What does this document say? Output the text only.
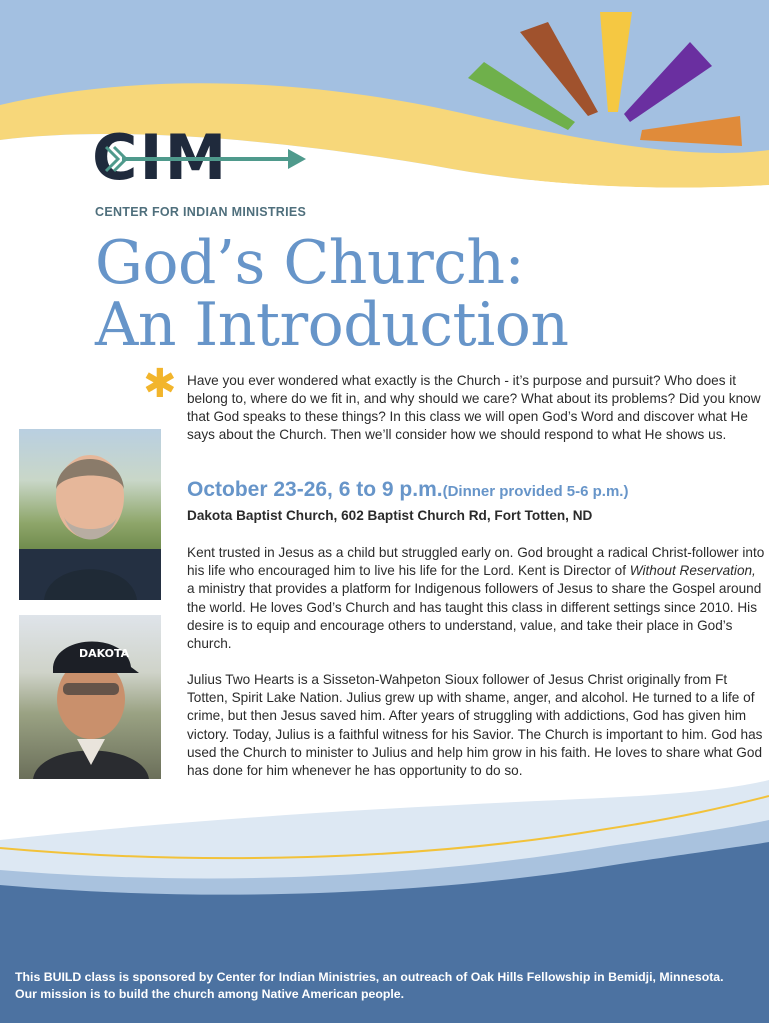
CIM
CENTER FOR INDIAN MINISTRIES
God’s Church:
An Introduction
✱ Have you ever wondered what exactly is the Church - it’s purpose and pursuit? Who does it belong to, where do we fit in, and why should we care? What about its problems? Did you know that God speaks to these things? In this class we will open God’s Word and discover what He says about the Church. Then we’ll consider how we should respond to what He shows us.
October 23-26, 6 to 9 p.m.(Dinner provided 5-6 p.m.)
Dakota Baptist Church, 602 Baptist Church Rd, Fort Totten, ND
Kent trusted in Jesus as a child but struggled early on. God brought a radical Christ-follower into his life who encouraged him to live his life for the Lord. Kent is Director of Without Reservation, a ministry that provides a platform for Indigenous followers of Jesus to share the Gospel around the world. He loves God’s Church and has taught this class in different settings since 2010. His desire is to equip and encourage others to understand, value, and take their place in God’s church.
DAKOTA
Julius Two Hearts is a Sisseton-Wahpeton Sioux follower of Jesus Christ originally from Ft Totten, Spirit Lake Nation. Julius grew up with shame, anger, and alcohol. He turned to a life of crime, but then Jesus saved him. After years of struggling with addictions, God has given him victory. Today, Julius is a faithful witness for his Savior. The Church is important to him. God has used the Church to minister to Julius and help him grow in his faith. He loves to share what God has done for him whenever he has opportunity to do so.
This BUILD class is sponsored by Center for Indian Ministries, an outreach of Oak Hills Fellowship in Bemidji, Minnesota.
Our mission is to build the church among Native American people.
